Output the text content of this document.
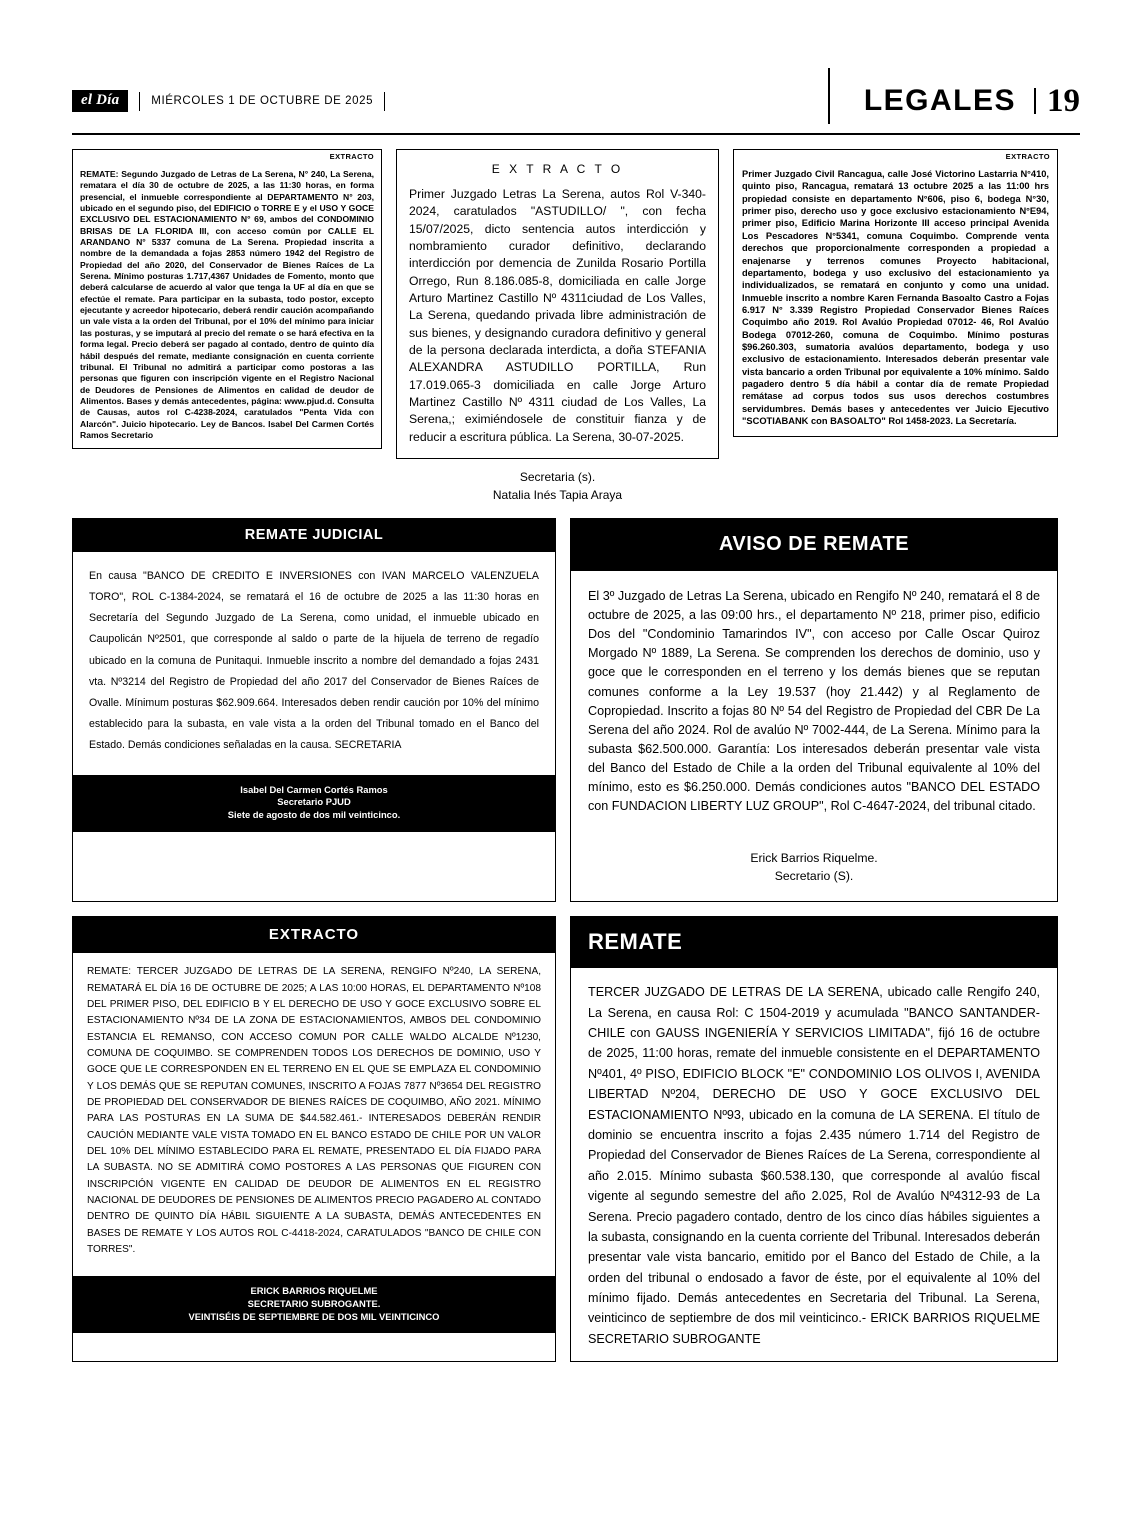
el Día	MIÉRCOLES 1 DE OCTUBRE DE 2025	LEGALES 19
EXTRACTO
REMATE: Segundo Juzgado de Letras de La Serena, N° 240, La Serena, rematara el día 30 de octubre de 2025, a las 11:30 horas, en forma presencial, el inmueble correspondiente al DEPARTAMENTO N° 203, ubicado en el segundo piso, del EDIFICIO o TORRE E y el USO Y GOCE EXCLUSIVO DEL ESTACIONAMIENTO N° 69, ambos del CONDOMINIO BRISAS DE LA FLORIDA III, con acceso común por CALLE EL ARANDANO N° 5337 comuna de La Serena. Propiedad inscrita a nombre de la demandada a fojas 2853 número 1942 del Registro de Propiedad del año 2020, del Conservador de Bienes Raíces de La Serena. Mínimo posturas 1.717,4367 Unidades de Fomento, monto que deberá calcularse de acuerdo al valor que tenga la UF al día en que se efectúe el remate. Para participar en la subasta, todo postor, excepto ejecutante y acreedor hipotecario, deberá rendir caución acompañando un vale vista a la orden del Tribunal, por el 10% del mínimo para iniciar las posturas, y se imputará al precio del remate o se hará efectiva en la forma legal. Precio deberá ser pagado al contado, dentro de quinto día hábil después del remate, mediante consignación en cuenta corriente tribunal. El Tribunal no admitirá a participar como postoras a las personas que figuren con inscripción vigente en el Registro Nacional de Deudores de Pensiones de Alimentos en calidad de deudor de Alimentos. Bases y demás antecedentes, página: www.pjud.d. Consulta de Causas, autos rol C-4238-2024, caratulados "Penta Vida con Alarcón". Juicio hipotecario. Ley de Bancos. Isabel Del Carmen Cortés Ramos Secretario
E X T R A C T O
Primer Juzgado Letras La Serena, autos Rol V-340-2024, caratulados "ASTUDILLO/ ", con fecha 15/07/2025, dicto sentencia autos interdicción y nombramiento curador definitivo, declarando interdicción por demencia de Zunilda Rosario Portilla Orrego, Run 8.186.085-8, domiciliada en calle Jorge Arturo Martinez Castillo Nº 4311ciudad de Los Valles, La Serena, quedando privada libre administración de sus bienes, y designando curadora definitivo y general de la persona declarada interdicta, a doña STEFANIA ALEXANDRA ASTUDILLO PORTILLA, Run 17.019.065-3 domiciliada en calle Jorge Arturo Martinez Castillo Nº 4311 ciudad de Los Valles, La Serena,; eximiéndosele de constituir fianza y de reducir a escritura pública. La Serena, 30-07-2025.
Secretaria (s).
Natalia Inés Tapia Araya
EXTRACTO
Primer Juzgado Civil Rancagua, calle José Victorino Lastarria N°410, quinto piso, Rancagua, rematará 13 octubre 2025 a las 11:00 hrs propiedad consiste en departamento N°606, piso 6, bodega N°30, primer piso, derecho uso y goce exclusivo estacionamiento N°E94, primer piso, Edificio Marina Horizonte III acceso principal Avenida Los Pescadores N°5341, comuna Coquimbo. Comprende venta derechos que proporcionalmente corresponden a propiedad a enajenarse y terrenos comunes Proyecto habitacional, departamento, bodega y uso exclusivo del estacionamiento ya individualizados, se rematará en conjunto y como una unidad. Inmueble inscrito a nombre Karen Fernanda Basoalto Castro a Fojas 6.917 N° 3.339 Registro Propiedad Conservador Bienes Raíces Coquimbo año 2019. Rol Avalúo Propiedad 07012- 46, Rol Avalúo Bodega 07012-260, comuna de Coquimbo. Mínimo posturas $96.260.303, sumatoria avalúos departamento, bodega y uso exclusivo de estacionamiento. Interesados deberán presentar vale vista bancario a orden Tribunal por equivalente a 10% mínimo. Saldo pagadero dentro 5 día hábil a contar día de remate Propiedad remátase ad corpus todos sus usos derechos costumbres servidumbres. Demás bases y antecedentes ver Juicio Ejecutivo "SCOTIABANK con BASOALTO" Rol 1458-2023. La Secretaría.
REMATE JUDICIAL
En causa "BANCO DE CREDITO E INVERSIONES con IVAN MARCELO VALENZUELA TORO", ROL C-1384-2024, se rematará el 16 de octubre de 2025 a las 11:30 horas en Secretaría del Segundo Juzgado de La Serena, como unidad, el inmueble ubicado en Caupolicán Nº2501, que corresponde al saldo o parte de la hijuela de terreno de regadío ubicado en la comuna de Punitaqui. Inmueble inscrito a nombre del demandado a fojas 2431 vta. Nº3214 del Registro de Propiedad del año 2017 del Conservador de Bienes Raíces de Ovalle. Mínimum posturas $62.909.664. Interesados deben rendir caución por 10% del mínimo establecido para la subasta, en vale vista a la orden del Tribunal tomado en el Banco del Estado. Demás condiciones señaladas en la causa. SECRETARIA
Isabel Del Carmen Cortés Ramos
Secretario PJUD
Siete de agosto de dos mil veinticinco.
AVISO DE REMATE
El 3º Juzgado de Letras La Serena, ubicado en Rengifo Nº 240, rematará el 8 de octubre de 2025, a las 09:00 hrs., el departamento Nº 218, primer piso, edificio Dos del "Condominio Tamarindos IV", con acceso por Calle Oscar Quiroz Morgado Nº 1889, La Serena. Se comprenden los derechos de dominio, uso y goce que le corresponden en el terreno y los demás bienes que se reputan comunes conforme a la Ley 19.537 (hoy 21.442) y al Reglamento de Copropiedad. Inscrito a fojas 80 Nº 54 del Registro de Propiedad del CBR De La Serena del año 2024. Rol de avalúo Nº 7002-444, de La Serena. Mínimo para la subasta $62.500.000. Garantía: Los interesados deberán presentar vale vista del Banco del Estado de Chile a la orden del Tribunal equivalente al 10% del mínimo, esto es $6.250.000. Demás condiciones autos "BANCO DEL ESTADO con FUNDACION LIBERTY LUZ GROUP", Rol C-4647-2024, del tribunal citado.
Erick Barrios Riquelme.
Secretario (S).
EXTRACTO
REMATE: TERCER JUZGADO DE LETRAS DE LA SERENA, RENGIFO Nº240, LA SERENA, REMATARÁ EL DÍA 16 DE OCTUBRE DE 2025; A LAS 10:00 HORAS, EL DEPARTAMENTO Nº108 DEL PRIMER PISO, DEL EDIFICIO B Y EL DERECHO DE USO Y GOCE EXCLUSIVO SOBRE EL ESTACIONAMIENTO Nº34 DE LA ZONA DE ESTACIONAMIENTOS, AMBOS DEL CONDOMINIO ESTANCIA EL REMANSO, CON ACCESO COMUN POR CALLE WALDO ALCALDE Nº1230, COMUNA DE COQUIMBO. SE COMPRENDEN TODOS LOS DERECHOS DE DOMINIO, USO Y GOCE QUE LE CORRESPONDEN EN EL TERRENO EN EL QUE SE EMPLAZA EL CONDOMINIO Y LOS DEMÁS QUE SE REPUTAN COMUNES, INSCRITO A FOJAS 7877 Nº3654 DEL REGISTRO DE PROPIEDAD DEL CONSERVADOR DE BIENES RAÍCES DE COQUIMBO, AÑO 2021. MÍNIMO PARA LAS POSTURAS EN LA SUMA DE $44.582.461.- INTERESADOS DEBERÁN RENDIR CAUCIÓN MEDIANTE VALE VISTA TOMADO EN EL BANCO ESTADO DE CHILE POR UN VALOR DEL 10% DEL MÍNIMO ESTABLECIDO PARA EL REMATE, PRESENTADO EL DÍA FIJADO PARA LA SUBASTA. NO SE ADMITIRÁ COMO POSTORES A LAS PERSONAS QUE FIGUREN CON INSCRIPCIÓN VIGENTE EN CALIDAD DE DEUDOR DE ALIMENTOS EN EL REGISTRO NACIONAL DE DEUDORES DE PENSIONES DE ALIMENTOS PRECIO PAGADERO AL CONTADO DENTRO DE QUINTO DÍA HÁBIL SIGUIENTE A LA SUBASTA, DEMÁS ANTECEDENTES EN BASES DE REMATE Y LOS AUTOS ROL C-4418-2024, CARATULADOS "BANCO DE CHILE CON TORRES".
ERICK BARRIOS RIQUELME
SECRETARIO SUBROGANTE.
VEINTISÉIS DE SEPTIEMBRE DE DOS MIL VEINTICINCO
REMATE
TERCER JUZGADO DE LETRAS DE LA SERENA, ubicado calle Rengifo 240, La Serena, en causa Rol: C 1504-2019 y acumulada "BANCO SANTANDER- CHILE con GAUSS INGENIERÍA Y SERVICIOS LIMITADA", fijó 16 de octubre de 2025, 11:00 horas, remate del inmueble consistente en el DEPARTAMENTO Nº401, 4º PISO, EDIFICIO BLOCK "E" CONDOMINIO LOS OLIVOS I, AVENIDA LIBERTAD Nº204, DERECHO DE USO Y GOCE EXCLUSIVO DEL ESTACIONAMIENTO Nº93, ubicado en la comuna de LA SERENA. El título de dominio se encuentra inscrito a fojas 2.435 número 1.714 del Registro de Propiedad del Conservador de Bienes Raíces de La Serena, correspondiente al año 2.015. Mínimo subasta $60.538.130, que corresponde al avalúo fiscal vigente al segundo semestre del año 2.025, Rol de Avalúo Nº4312-93 de La Serena. Precio pagadero contado, dentro de los cinco días hábiles siguientes a la subasta, consignando en la cuenta corriente del Tribunal. Interesados deberán presentar vale vista bancario, emitido por el Banco del Estado de Chile, a la orden del tribunal o endosado a favor de éste, por el equivalente al 10% del mínimo fijado. Demás antecedentes en Secretaria del Tribunal. La Serena, veinticinco de septiembre de dos mil veinticinco.- ERICK BARRIOS RIQUELME SECRETARIO SUBROGANTE
